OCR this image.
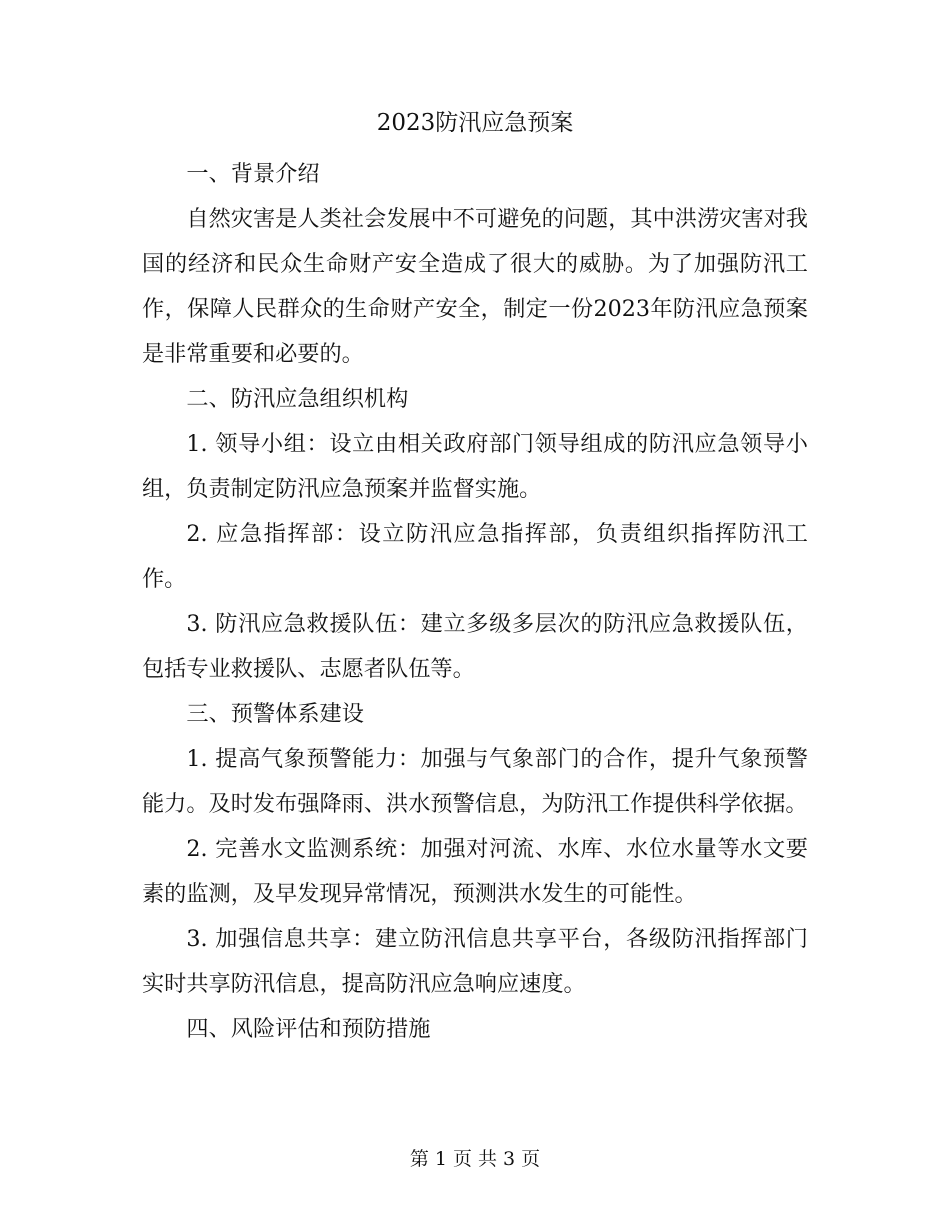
2023防汛应急预案

一、背景介绍

自然灾害是人类社会发展中不可避免的问题，其中洪涝灾害对我国的经济和民众生命财产安全造成了很大的威胁。为了加强防汛工作，保障人民群众的生命财产安全，制定一份2023年防汛应急预案是非常重要和必要的。

二、防汛应急组织机构

1. 领导小组：设立由相关政府部门领导组成的防汛应急领导小组，负责制定防汛应急预案并监督实施。

2. 应急指挥部：设立防汛应急指挥部，负责组织指挥防汛工作。

3. 防汛应急救援队伍：建立多级多层次的防汛应急救援队伍，包括专业救援队、志愿者队伍等。

三、预警体系建设

1. 提高气象预警能力：加强与气象部门的合作，提升气象预警能力。及时发布强降雨、洪水预警信息，为防汛工作提供科学依据。

2. 完善水文监测系统：加强对河流、水库、水位水量等水文要素的监测，及早发现异常情况，预测洪水发生的可能性。

3. 加强信息共享：建立防汛信息共享平台，各级防汛指挥部门实时共享防汛信息，提高防汛应急响应速度。

四、风险评估和预防措施

第 1 页 共 3 页
